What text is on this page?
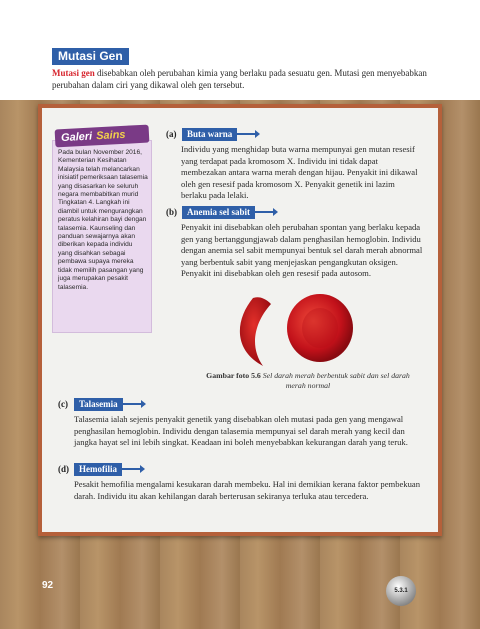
Mutasi Gen

Mutasi gen disebabkan oleh perubahan kimia yang berlaku pada sesuatu gen. Mutasi gen menyebabkan perubahan dalam ciri yang dikawal oleh gen tersebut.

Galeri Sains

Pada bulan November 2016, Kementerian Kesihatan Malaysia telah melancarkan inisiatif pemeriksaan talasemia yang disasarkan ke seluruh negara membabitkan murid Tingkatan 4. Langkah ini diambil untuk mengurangkan peratus kelahiran bayi dengan talasemia. Kaunseling dan panduan sewajarnya akan diberikan kepada individu yang disahkan sebagai pembawa supaya mereka tidak memilih pasangan yang juga merupakan pesakit talasemia.

(a)	Buta warna

Individu yang menghidap buta warna mempunyai gen mutan resesif yang terdapat pada kromosom X. Individu ini tidak dapat membezakan antara warna merah dengan hijau. Penyakit ini dikawal oleh gen resesif pada kromosom X. Penyakit genetik ini lazim berlaku pada lelaki.

(b)	Anemia sel sabit

Penyakit ini disebabkan oleh perubahan spontan yang berlaku kepada gen yang bertanggungjawab dalam penghasilan hemoglobin. Individu dengan anemia sel sabit mempunyai bentuk sel darah merah abnormal yang berbentuk sabit yang menjejaskan pengangkutan oksigen. Penyakit ini disebabkan oleh gen resesif pada autosom.

Gambar foto 5.6 Sel darah merah berbentuk sabit dan sel darah merah normal

(c)	Talasemia

Talasemia ialah sejenis penyakit genetik yang disebabkan oleh mutasi pada gen yang mengawal penghasilan hemoglobin. Individu dengan talasemia mempunyai sel darah merah yang kecil dan jangka hayat sel ini lebih singkat. Keadaan ini boleh menyebabkan kekurangan darah yang teruk.

(d)	Hemofilia

Pesakit hemofilia mengalami kesukaran darah membeku. Hal ini demikian kerana faktor pembekuan darah. Individu itu akan kehilangan darah berterusan sekiranya terluka atau tercedera.

92	5.3.1
